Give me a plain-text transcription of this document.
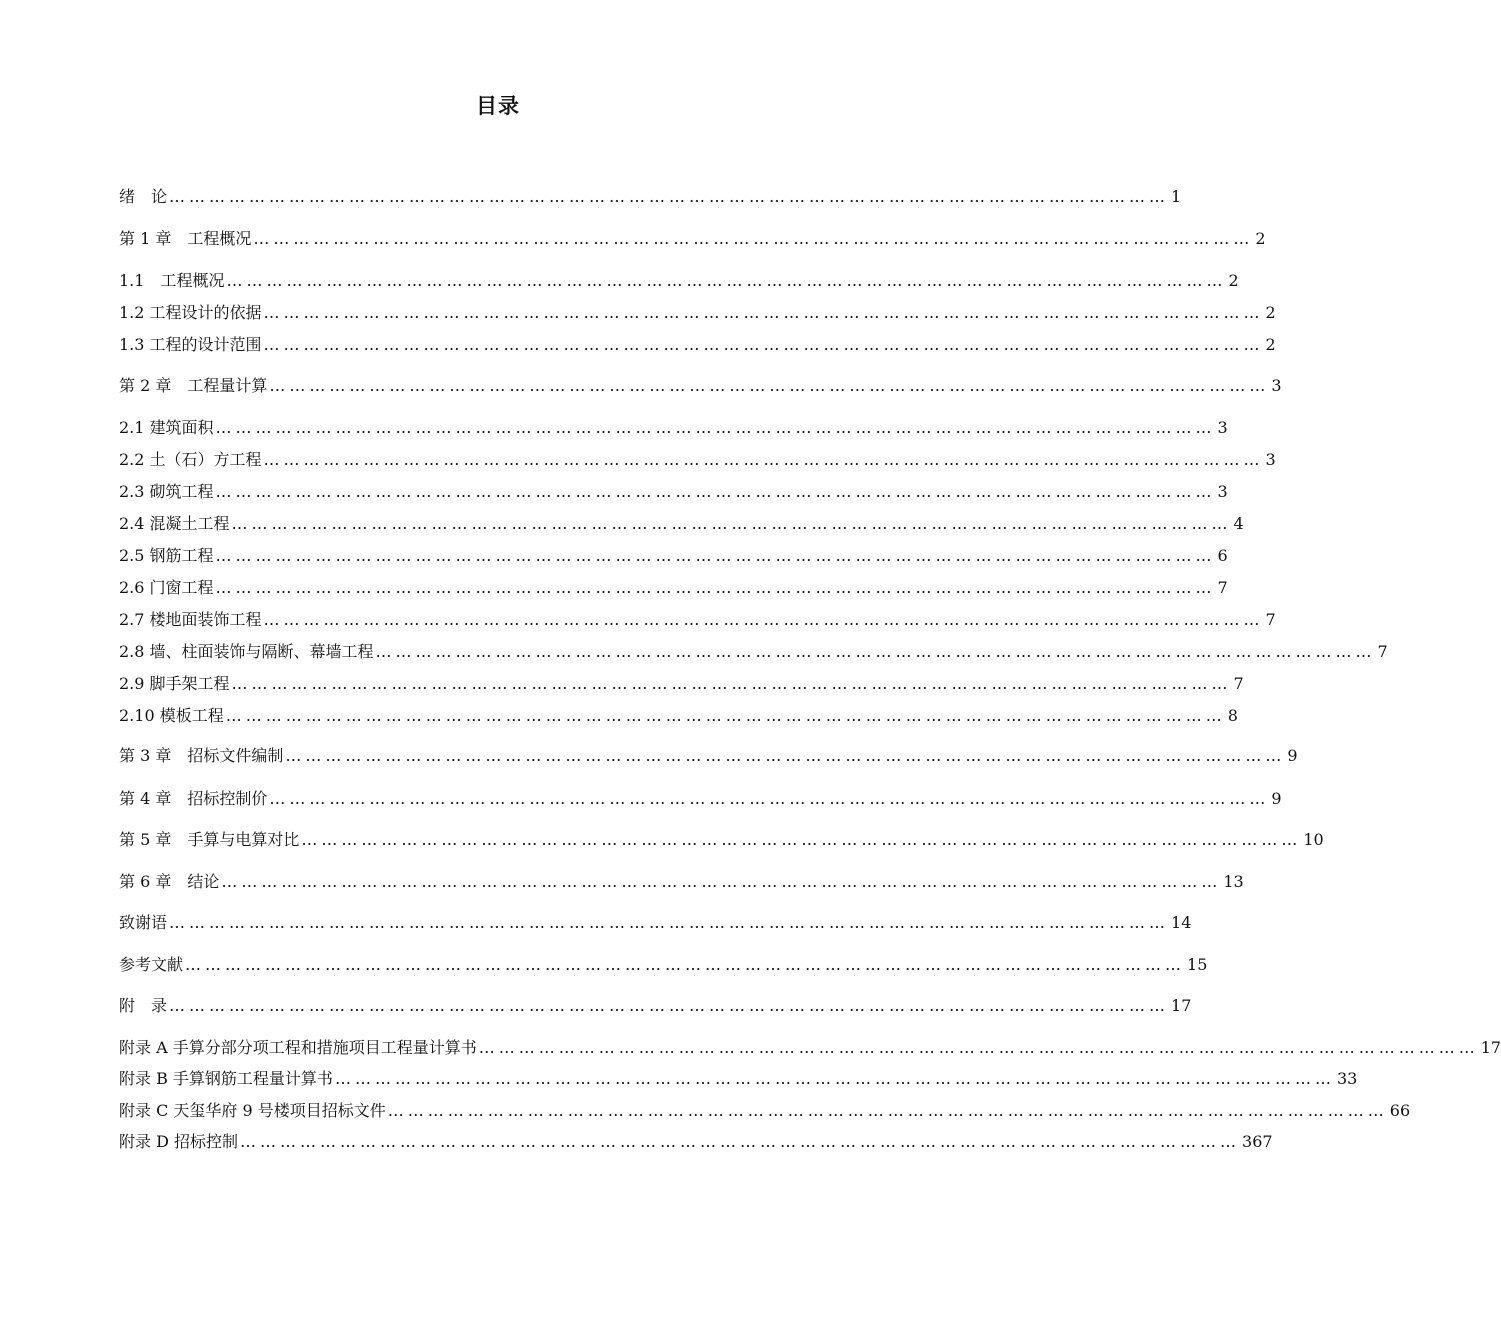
目录
绪　论 …………………………………………………………………………………………………………………………………… 1
第 1 章　工程概况 …………………………………………………………………………………………………………………………………… 2
1.1　工程概况 …………………………………………………………………………………………………………………………………… 2
1.2 工程设计的依据 …………………………………………………………………………………………………………………………………… 2
1.3 工程的设计范围 …………………………………………………………………………………………………………………………………… 2
第 2 章　工程量计算 …………………………………………………………………………………………………………………………………… 3
2.1 建筑面积 …………………………………………………………………………………………………………………………………… 3
2.2 土（石）方工程 …………………………………………………………………………………………………………………………………… 3
2.3 砌筑工程 …………………………………………………………………………………………………………………………………… 3
2.4 混凝土工程 …………………………………………………………………………………………………………………………………… 4
2.5 钢筋工程 …………………………………………………………………………………………………………………………………… 6
2.6 门窗工程 …………………………………………………………………………………………………………………………………… 7
2.7 楼地面装饰工程 …………………………………………………………………………………………………………………………………… 7
2.8 墙、柱面装饰与隔断、幕墙工程 …………………………………………………………………………………………………………………………………… 7
2.9 脚手架工程 …………………………………………………………………………………………………………………………………… 7
2.10 模板工程 …………………………………………………………………………………………………………………………………… 8
第 3 章　招标文件编制 …………………………………………………………………………………………………………………………………… 9
第 4 章　招标控制价 …………………………………………………………………………………………………………………………………… 9
第 5 章　手算与电算对比 …………………………………………………………………………………………………………………………………… 10
第 6 章　结论 …………………………………………………………………………………………………………………………………… 13
致谢语 …………………………………………………………………………………………………………………………………… 14
参考文献 …………………………………………………………………………………………………………………………………… 15
附　录 …………………………………………………………………………………………………………………………………… 17
附录 A 手算分部分项工程和措施项目工程量计算书 …………………………………………………………………………………………………………………………………… 17
附录 B 手算钢筋工程量计算书 …………………………………………………………………………………………………………………………………… 33
附录 C 天玺华府 9 号楼项目招标文件 …………………………………………………………………………………………………………………………………… 66
附录 D 招标控制 …………………………………………………………………………………………………………………………………… 367
